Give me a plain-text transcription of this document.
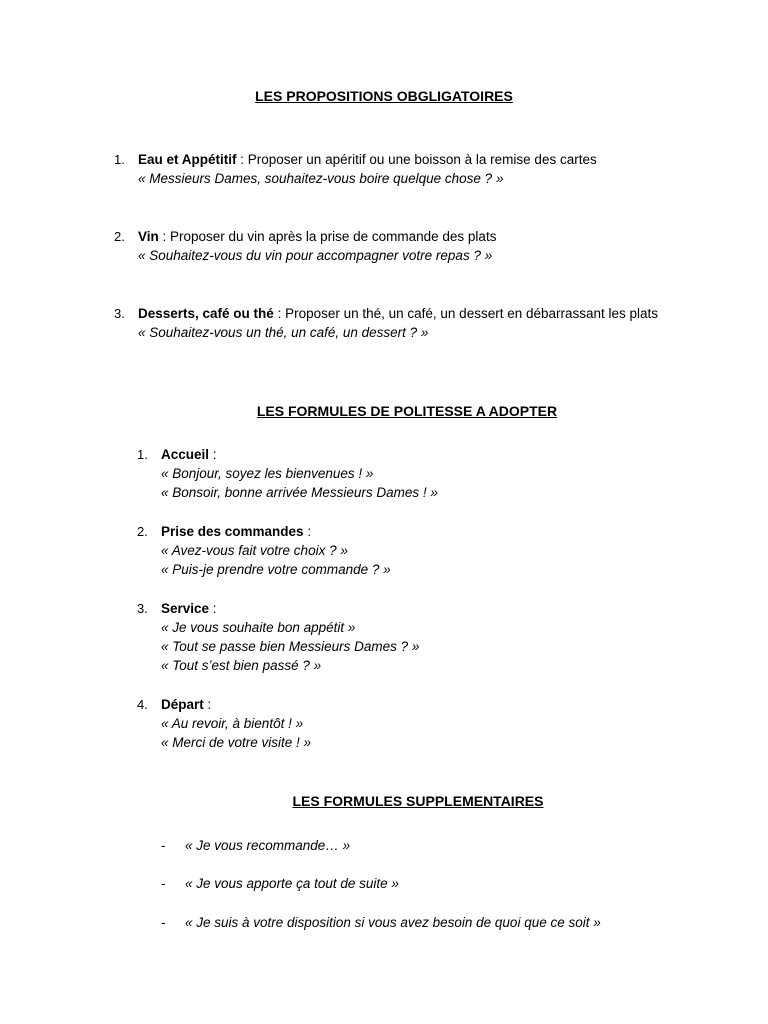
LES PROPOSITIONS OBGLIGATOIRES
1. Eau et Appétitif : Proposer un apéritif ou une boisson à la remise des cartes
« Messieurs Dames, souhaitez-vous boire quelque chose ? »
2. Vin : Proposer du vin après la prise de commande des plats
« Souhaitez-vous du vin pour accompagner votre repas ? »
3. Desserts, café ou thé : Proposer un thé, un café, un dessert en débarrassant les plats
« Souhaitez-vous un thé, un café, un dessert ? »
LES FORMULES DE POLITESSE A ADOPTER
1. Accueil :
« Bonjour, soyez les bienvenues ! »
« Bonsoir, bonne arrivée Messieurs Dames ! »
2. Prise des commandes :
« Avez-vous fait votre choix ? »
« Puis-je prendre votre commande ? »
3. Service :
« Je vous souhaite bon appétit »
« Tout se passe bien Messieurs Dames ? »
« Tout s’est bien passé ? »
4. Départ :
« Au revoir, à bientôt ! »
« Merci de votre visite ! »
LES FORMULES SUPPLEMENTAIRES
- « Je vous recommande… »
- « Je vous apporte ça tout de suite »
- « Je suis à votre disposition si vous avez besoin de quoi que ce soit »
